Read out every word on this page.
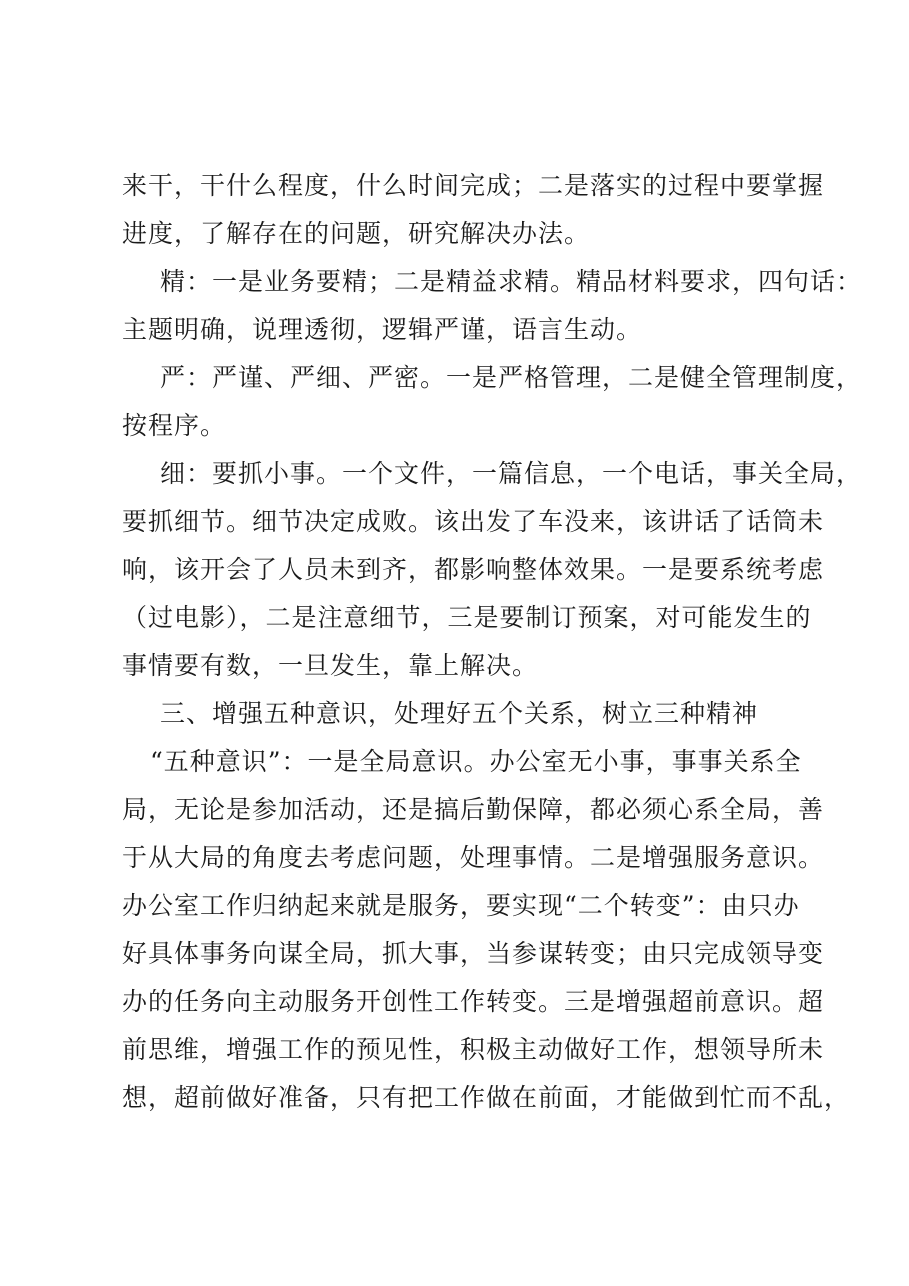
来干，干什么程度，什么时间完成；二是落实的过程中要掌握
进度，了解存在的问题，研究解决办法。
精：一是业务要精；二是精益求精。精品材料要求，四句话：
主题明确，说理透彻，逻辑严谨，语言生动。
严：严谨、严细、严密。一是严格管理，二是健全管理制度，
按程序。
细：要抓小事。一个文件，一篇信息，一个电话，事关全局，
要抓细节。细节决定成败。该出发了车没来，该讲话了话筒未
响，该开会了人员未到齐，都影响整体效果。一是要系统考虑
（过电影），二是注意细节，三是要制订预案，对可能发生的
事情要有数，一旦发生，靠上解决。
三、增强五种意识，处理好五个关系，树立三种精神
“五种意识”：一是全局意识。办公室无小事，事事关系全
局，无论是参加活动，还是搞后勤保障，都必须心系全局，善
于从大局的角度去考虑问题，处理事情。二是增强服务意识。
办公室工作归纳起来就是服务，要实现“二个转变”：由只办
好具体事务向谋全局，抓大事，当参谋转变；由只完成领导变
办的任务向主动服务开创性工作转变。三是增强超前意识。超
前思维，增强工作的预见性，积极主动做好工作，想领导所未
想，超前做好准备，只有把工作做在前面，才能做到忙而不乱，
